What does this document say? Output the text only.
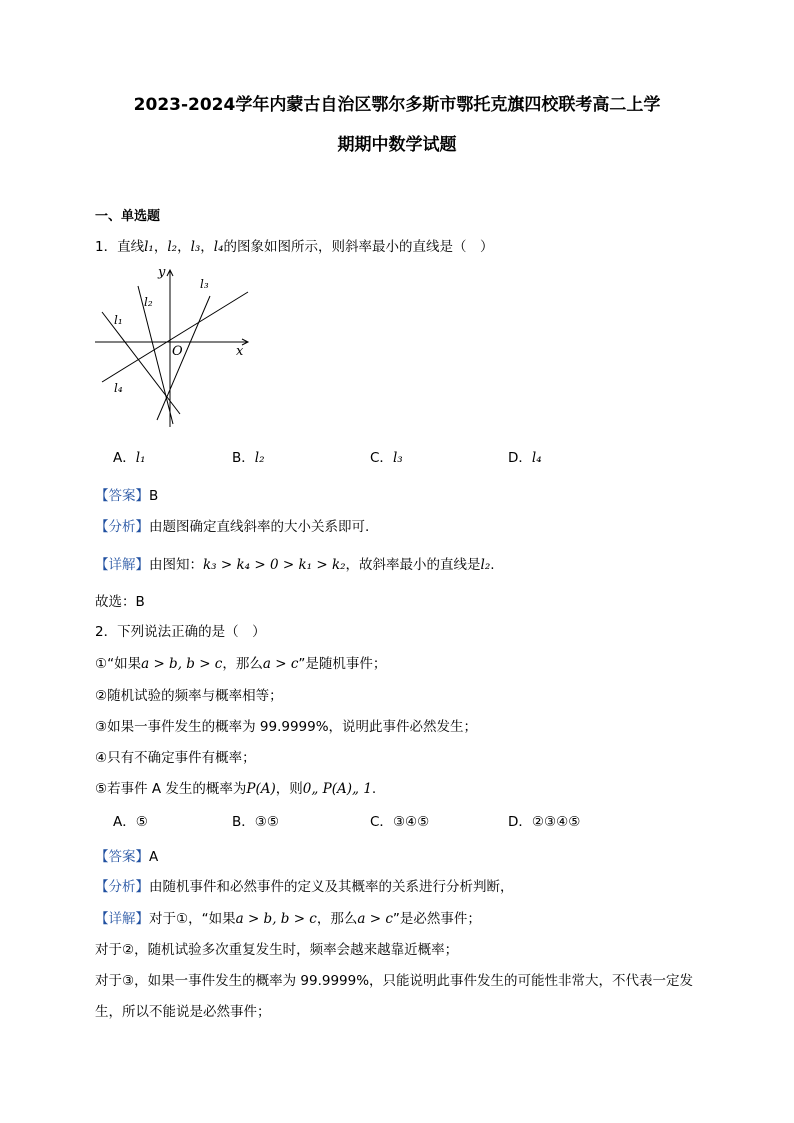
2023-2024学年内蒙古自治区鄂尔多斯市鄂托克旗四校联考高二上学
期期中数学试题
一、单选题
1．直线l₁，l₂，l₃，l₄的图象如图所示，则斜率最小的直线是（　）
y
x
O
l₁
l₂
l₃
l₄
A．l₁	B．l₂	C．l₃	D．l₄
【答案】B
【分析】由题图确定直线斜率的大小关系即可.
【详解】由图知：k₃ > k₄ > 0 > k₁ > k₂，故斜率最小的直线是l₂.
故选：B
2．下列说法正确的是（　）
①“如果a > b, b > c，那么a > c”是随机事件；
②随机试验的频率与概率相等；
③如果一事件发生的概率为 99.9999%，说明此事件必然发生；
④只有不确定事件有概率；
⑤若事件 A 发生的概率为P(A)，则0„ P(A)„ 1.
A．⑤	B．③⑤	C．③④⑤	D．②③④⑤
【答案】A
【分析】由随机事件和必然事件的定义及其概率的关系进行分析判断，
【详解】对于①，“如果a > b, b > c，那么a > c”是必然事件；
对于②，随机试验多次重复发生时，频率会越来越靠近概率；
对于③，如果一事件发生的概率为 99.9999%，只能说明此事件发生的可能性非常大，不代表一定发
生，所以不能说是必然事件；
